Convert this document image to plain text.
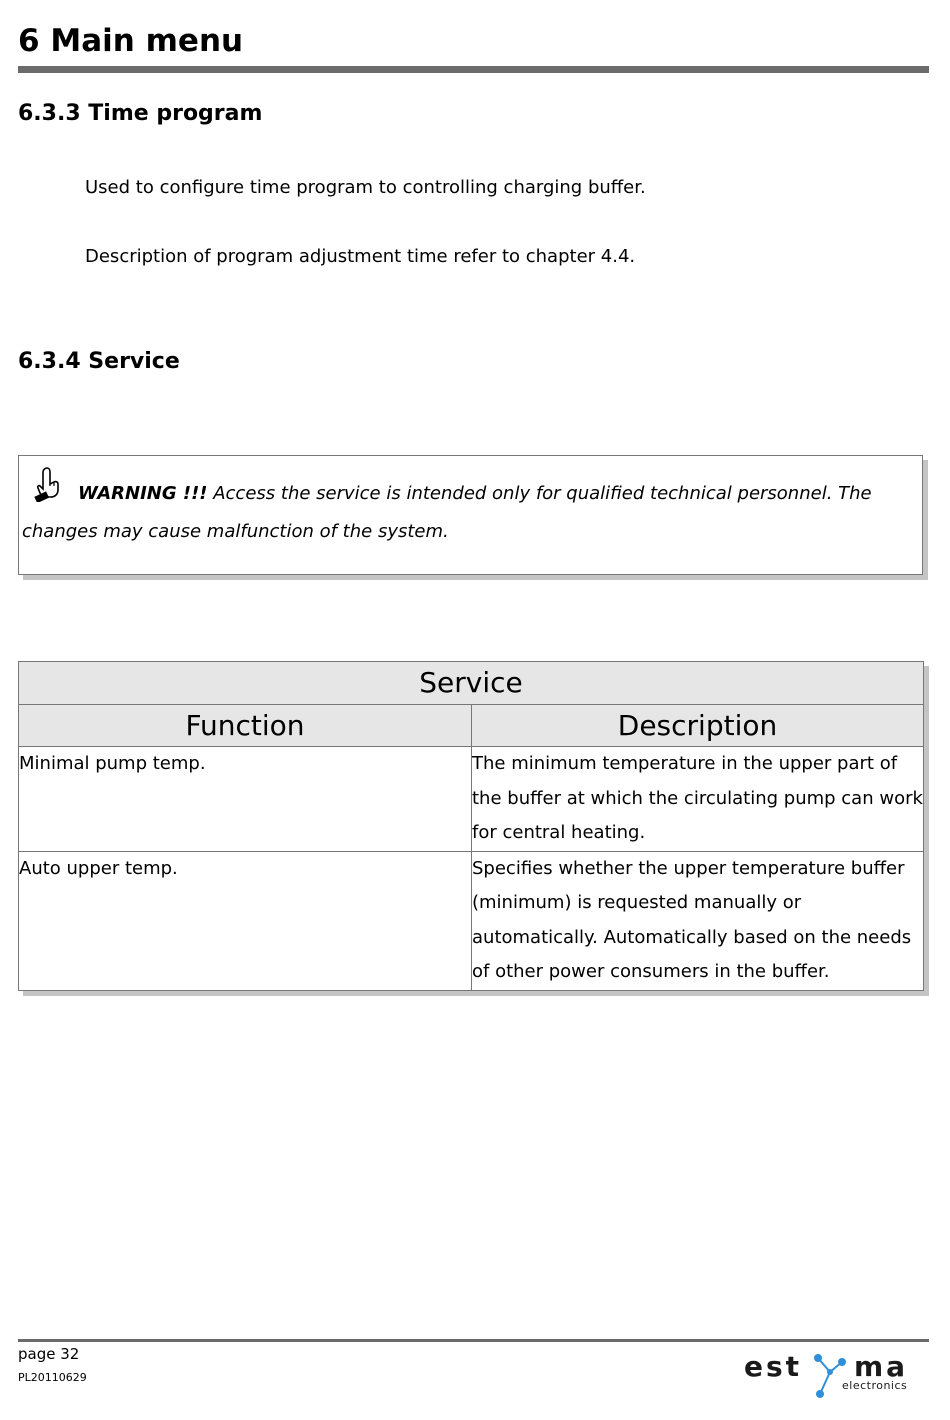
6 Main menu
6.3.3 Time program

Used to configure time program to controlling charging buffer.

Description of program adjustment time refer to chapter 4.4.

6.3.4 Service

WARNING !!! Access the service is intended only for qualified technical personnel. The changes may cause malfunction of the system.

Service	
Function	Description
Minimal pump temp.	The minimum temperature in the upper part of the buffer at which the circulating pump can work for central heating.
Auto upper temp.	Specifies whether the upper temperature buffer (minimum) is requested manually or automatically. Automatically based on the needs of other power consumers in the buffer.

page 32

PL20110629	est ma
electronics
